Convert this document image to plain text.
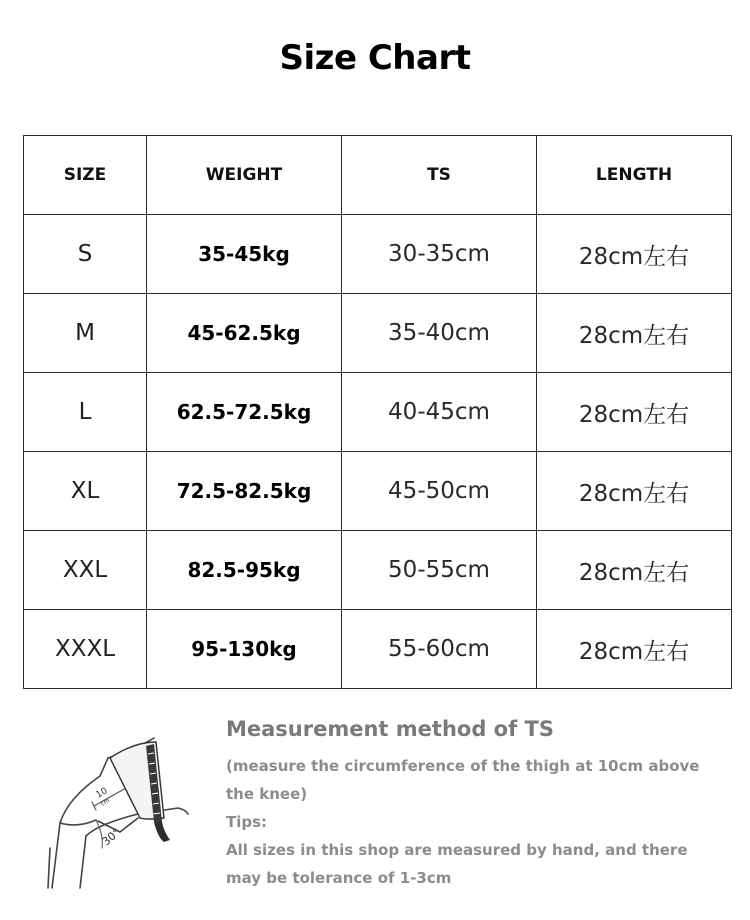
Size Chart
SIZE	WEIGHT	TS	LENGTH
S	35-45kg	30-35cm	28cm左右
M	45-62.5kg	35-40cm	28cm左右
L	62.5-72.5kg	40-45cm	28cm左右
XL	72.5-82.5kg	45-50cm	28cm左右
XXL	82.5-95kg	50-55cm	28cm左右
XXXL	95-130kg	55-60cm	28cm左右
10
cm
30°
Measurement method of TS
(measure the circumference of the thigh at 10cm above
the knee)
Tips:
All sizes in this shop are measured by hand, and there
may be tolerance of 1-3cm
